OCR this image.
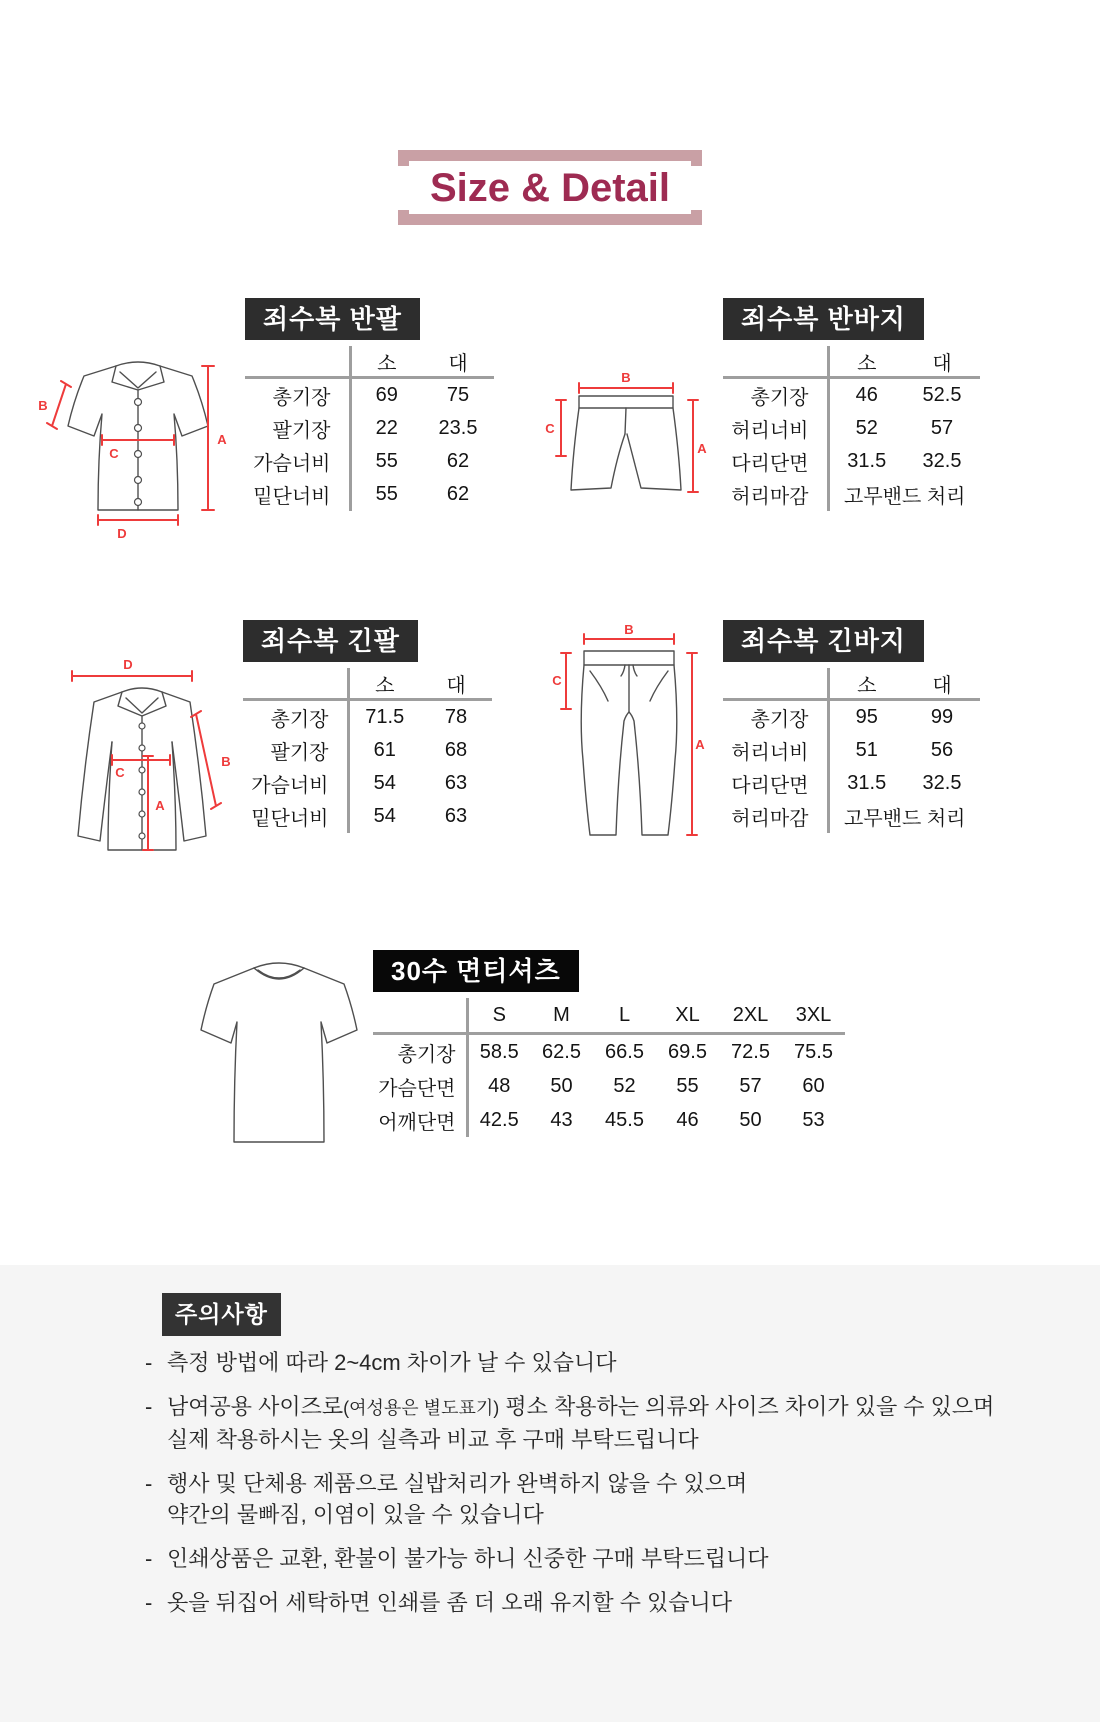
Size & Detail
A
B
C
D
B
C
A
D
C
A
B
B
C
A
죄수복 반팔
	소	대
총기장	69	75
팔기장	22	23.5
가슴너비	55	62
밑단너비	55	62
죄수복 반바지
	소	대
총기장	46	52.5
허리너비	52	57
다리단면	31.5	32.5
허리마감	고무밴드 처리	
죄수복 긴팔
	소	대
총기장	71.5	78
팔기장	61	68
가슴너비	54	63
밑단너비	54	63
죄수복 긴바지
	소	대
총기장	95	99
허리너비	51	56
다리단면	31.5	32.5
허리마감	고무밴드 처리	
30수 면티셔츠
	S	M	L	XL	2XL	3XL
총기장	58.5	62.5	66.5	69.5	72.5	75.5
가슴단면	48	50	52	55	57	60
어깨단면	42.5	43	45.5	46	50	53
주의사항
- 측정 방법에 따라 2~4cm 차이가 날 수 있습니다
- 남여공용 사이즈로(여성용은 별도표기) 평소 착용하는 의류와 사이즈 차이가 있을 수 있으며
실제 착용하시는 옷의 실측과 비교 후 구매 부탁드립니다
- 행사 및 단체용 제품으로 실밥처리가 완벽하지 않을 수 있으며
약간의 물빠짐, 이염이 있을 수 있습니다
- 인쇄상품은 교환, 환불이 불가능 하니 신중한 구매 부탁드립니다
- 옷을 뒤집어 세탁하면 인쇄를 좀 더 오래 유지할 수 있습니다
